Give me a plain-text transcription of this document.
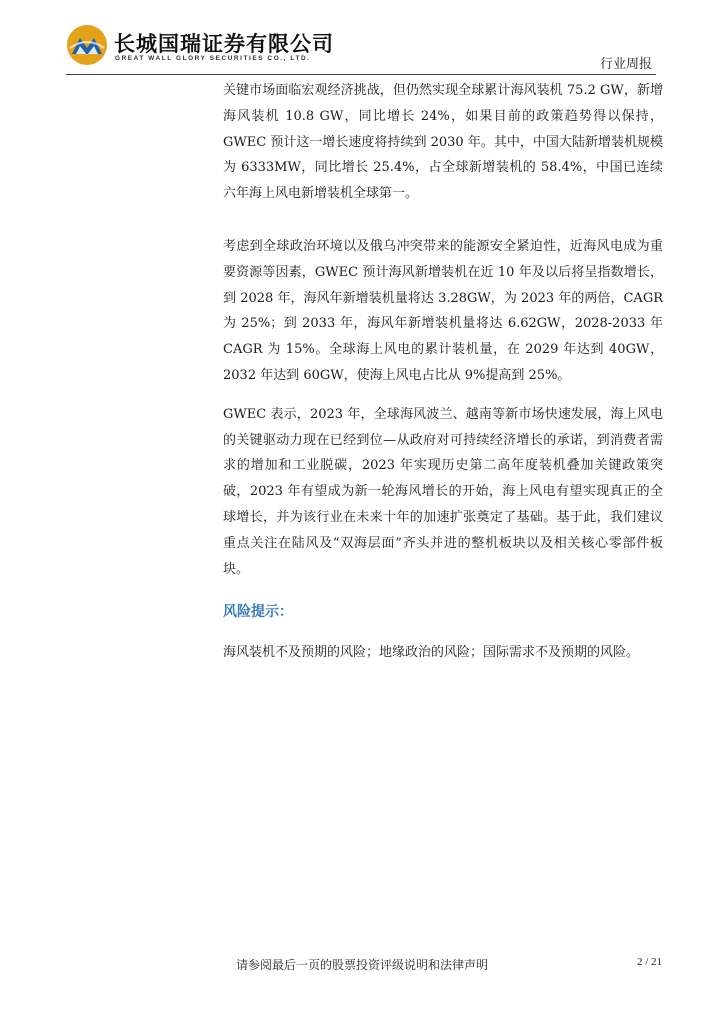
长城国瑞证券有限公司
GREAT WALL GLORY SECURITIES CO., LTD.	行业周报

关键市场面临宏观经济挑战，但仍然实现全球累计海风装机 75.2 GW，新增海风装机 10.8 GW，同比增长 24%，如果目前的政策趋势得以保持，GWEC 预计这一增长速度将持续到 2030 年。其中，中国大陆新增装机规模为 6333MW，同比增长 25.4%，占全球新增装机的 58.4%，中国已连续六年海上风电新增装机全球第一。

考虑到全球政治环境以及俄乌冲突带来的能源安全紧迫性，近海风电成为重要资源等因素，GWEC 预计海风新增装机在近 10 年及以后将呈指数增长，到 2028 年，海风年新增装机量将达 3.28GW，为 2023 年的两倍，CAGR 为 25%；到 2033 年，海风年新增装机量将达 6.62GW，2028-2033 年 CAGR 为 15%。全球海上风电的累计装机量，在 2029 年达到 40GW，2032 年达到 60GW，使海上风电占比从 9%提高到 25%。

GWEC 表示，2023 年，全球海风波兰、越南等新市场快速发展，海上风电的关键驱动力现在已经到位—从政府对可持续经济增长的承诺，到消费者需求的增加和工业脱碳，2023 年实现历史第二高年度装机叠加关键政策突破，2023 年有望成为新一轮海风增长的开始，海上风电有望实现真正的全球增长，并为该行业在未来十年的加速扩张奠定了基础。基于此，我们建议重点关注在陆风及“双海层面”齐头并进的整机板块以及相关核心零部件板块。

风险提示：

海风装机不及预期的风险；地缘政治的风险；国际需求不及预期的风险。

请参阅最后一页的股票投资评级说明和法律声明	2 / 21
